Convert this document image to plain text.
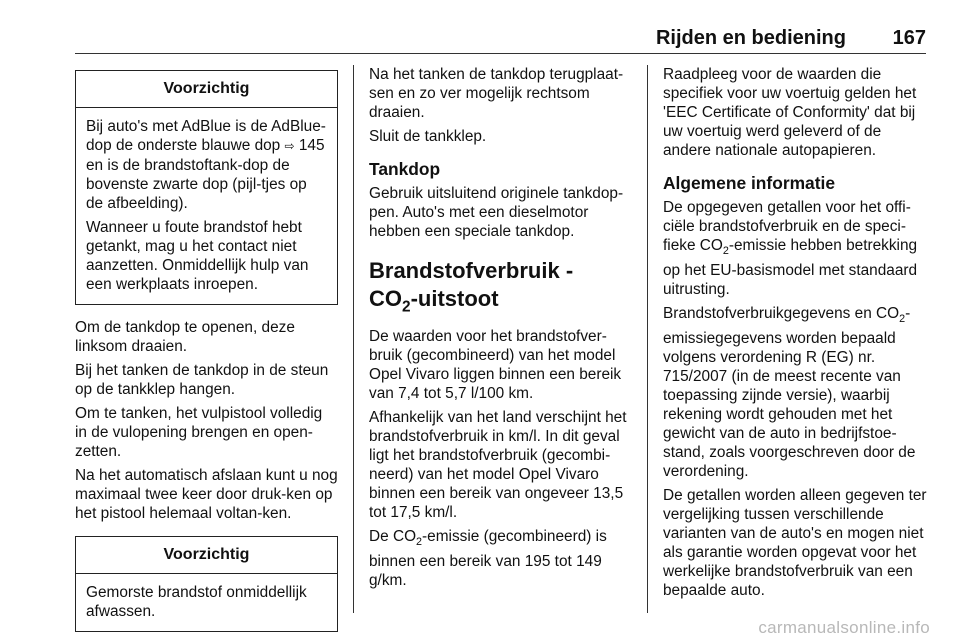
Rijden en bediening	167
Voorzichtig

Bij auto's met AdBlue is de AdBlue-dop de onderste blauwe dop ⇨ 145 en is de brandstoftank-dop de bovenste zwarte dop (pijl-tjes op de afbeelding).

Wanneer u foute brandstof hebt getankt, mag u het contact niet aanzetten. Onmiddellijk hulp van een werkplaats inroepen.

Om de tankdop te openen, deze linksom draaien.

Bij het tanken de tankdop in de steun op de tankklep hangen.

Om te tanken, het vulpistool volledig in de vulopening brengen en open-zetten.

Na het automatisch afslaan kunt u nog maximaal twee keer door druk-ken op het pistool helemaal voltan-ken.

Voorzichtig

Gemorste brandstof onmiddellijk afwassen.

Na het tanken de tankdop terugplaat-sen en zo ver mogelijk rechtsom draaien.

Sluit de tankklep.

Tankdop

Gebruik uitsluitend originele tankdop-pen. Auto's met een dieselmotor hebben een speciale tankdop.

Brandstofverbruik -
$CO_2$-uitstoot

De waarden voor het brandstofver-bruik (gecombineerd) van het model Opel Vivaro liggen binnen een bereik van 7,4 tot 5,7 l/100 km.

Afhankelijk van het land verschijnt het brandstofverbruik in km/l. In dit geval ligt het brandstofverbruik (gecombi-neerd) van het model Opel Vivaro binnen een bereik van ongeveer 13,5 tot 17,5 km/l.

De $CO_2$-emissie (gecombineerd) is binnen een bereik van 195 tot 149 g/km.

Raadpleeg voor de waarden die specifiek voor uw voertuig gelden het 'EEC Certificate of Conformity' dat bij uw voertuig werd geleverd of de andere nationale autopapieren.

Algemene informatie

De opgegeven getallen voor het offi-ciële brandstofverbruik en de speci-fieke $CO_2$-emissie hebben betrekking op het EU-basismodel met standaard uitrusting.

Brandstofverbruikgegevens en $CO_2$-emissiegegevens worden bepaald volgens verordening R (EG) nr. 715/2007 (in de meest recente van toepassing zijnde versie), waarbij rekening wordt gehouden met het gewicht van de auto in bedrijfstoe-stand, zoals voorgeschreven door de verordening.

De getallen worden alleen gegeven ter vergelijking tussen verschillende varianten van de auto's en mogen niet als garantie worden opgevat voor het werkelijke brandstofverbruik van een bepaalde auto.

carmanualsonline.info
